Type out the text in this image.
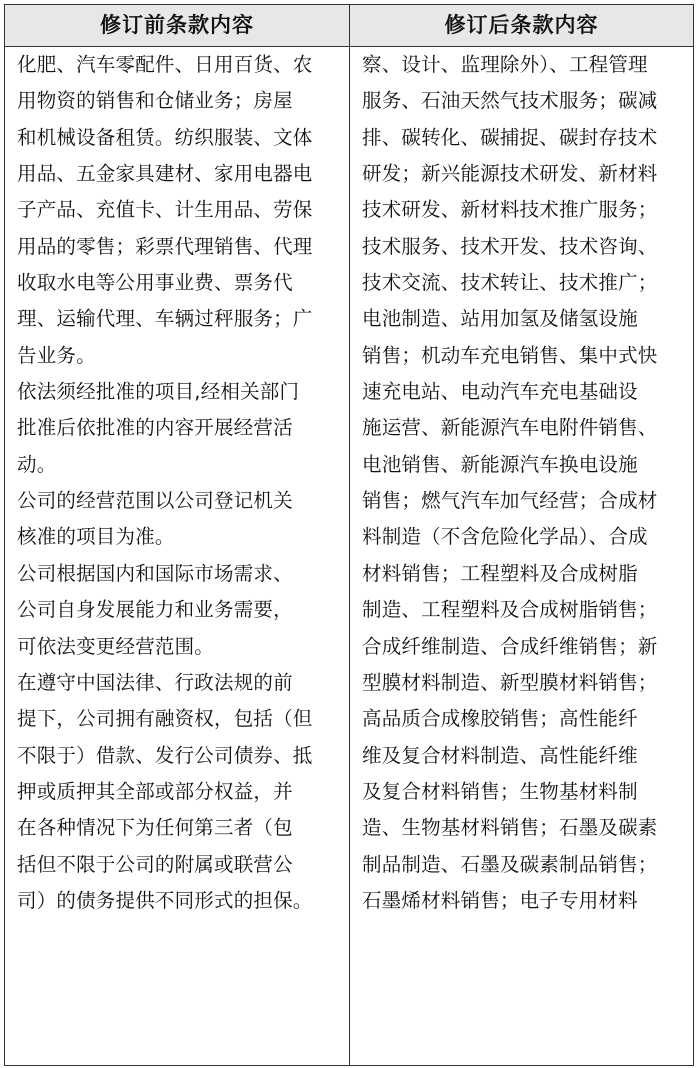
修订前条款内容	修订后条款内容
化肥、汽车零配件、日用百货、农
用物资的销售和仓储业务；房屋
和机械设备租赁。纺织服装、文体
用品、五金家具建材、家用电器电
子产品、充值卡、计生用品、劳保
用品的零售；彩票代理销售、代理
收取水电等公用事业费、票务代
理、运输代理、车辆过秤服务；广
告业务。
依法须经批准的项目,经相关部门
批准后依批准的内容开展经营活
动。
公司的经营范围以公司登记机关
核准的项目为准。
公司根据国内和国际市场需求、
公司自身发展能力和业务需要，
可依法变更经营范围。
在遵守中国法律、行政法规的前
提下，公司拥有融资权，包括（但
不限于）借款、发行公司债券、抵
押或质押其全部或部分权益，并
在各种情况下为任何第三者（包
括但不限于公司的附属或联营公
司）的债务提供不同形式的担保。
察、设计、监理除外）、工程管理
服务、石油天然气技术服务；碳减
排、碳转化、碳捕捉、碳封存技术
研发；新兴能源技术研发、新材料
技术研发、新材料技术推广服务；
技术服务、技术开发、技术咨询、
技术交流、技术转让、技术推广；
电池制造、站用加氢及储氢设施
销售；机动车充电销售、集中式快
速充电站、电动汽车充电基础设
施运营、新能源汽车电附件销售、
电池销售、新能源汽车换电设施
销售；燃气汽车加气经营；合成材
料制造（不含危险化学品）、合成
材料销售；工程塑料及合成树脂
制造、工程塑料及合成树脂销售；
合成纤维制造、合成纤维销售；新
型膜材料制造、新型膜材料销售；
高品质合成橡胶销售；高性能纤
维及复合材料制造、高性能纤维
及复合材料销售；生物基材料制
造、生物基材料销售；石墨及碳素
制品制造、石墨及碳素制品销售；
石墨烯材料销售；电子专用材料
